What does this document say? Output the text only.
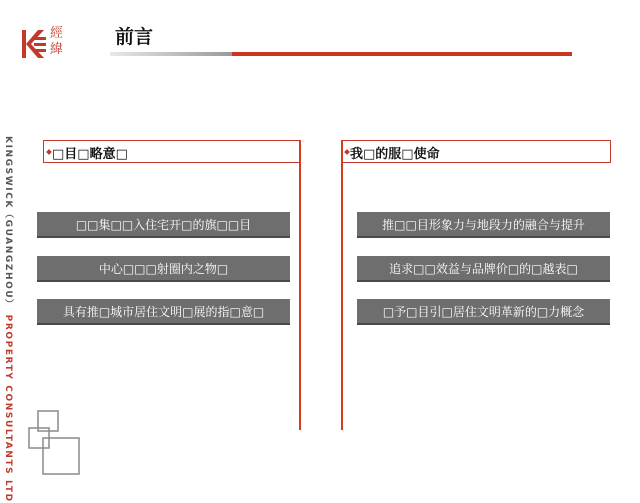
經緯
前言
KINGSWICK（GUANGZHOU） PROPERTY CONSULTANTS LTD
□目□略意□
□□集□□入住宅开□的旗□□目
中心□□□射圈内之物□
具有推□城市居住文明□展的指□意□
我□的服□使命
推□□目形象力与地段力的融合与提升
追求□□效益与品牌价□的□越表□
□予□目引□居住文明革新的□力概念
